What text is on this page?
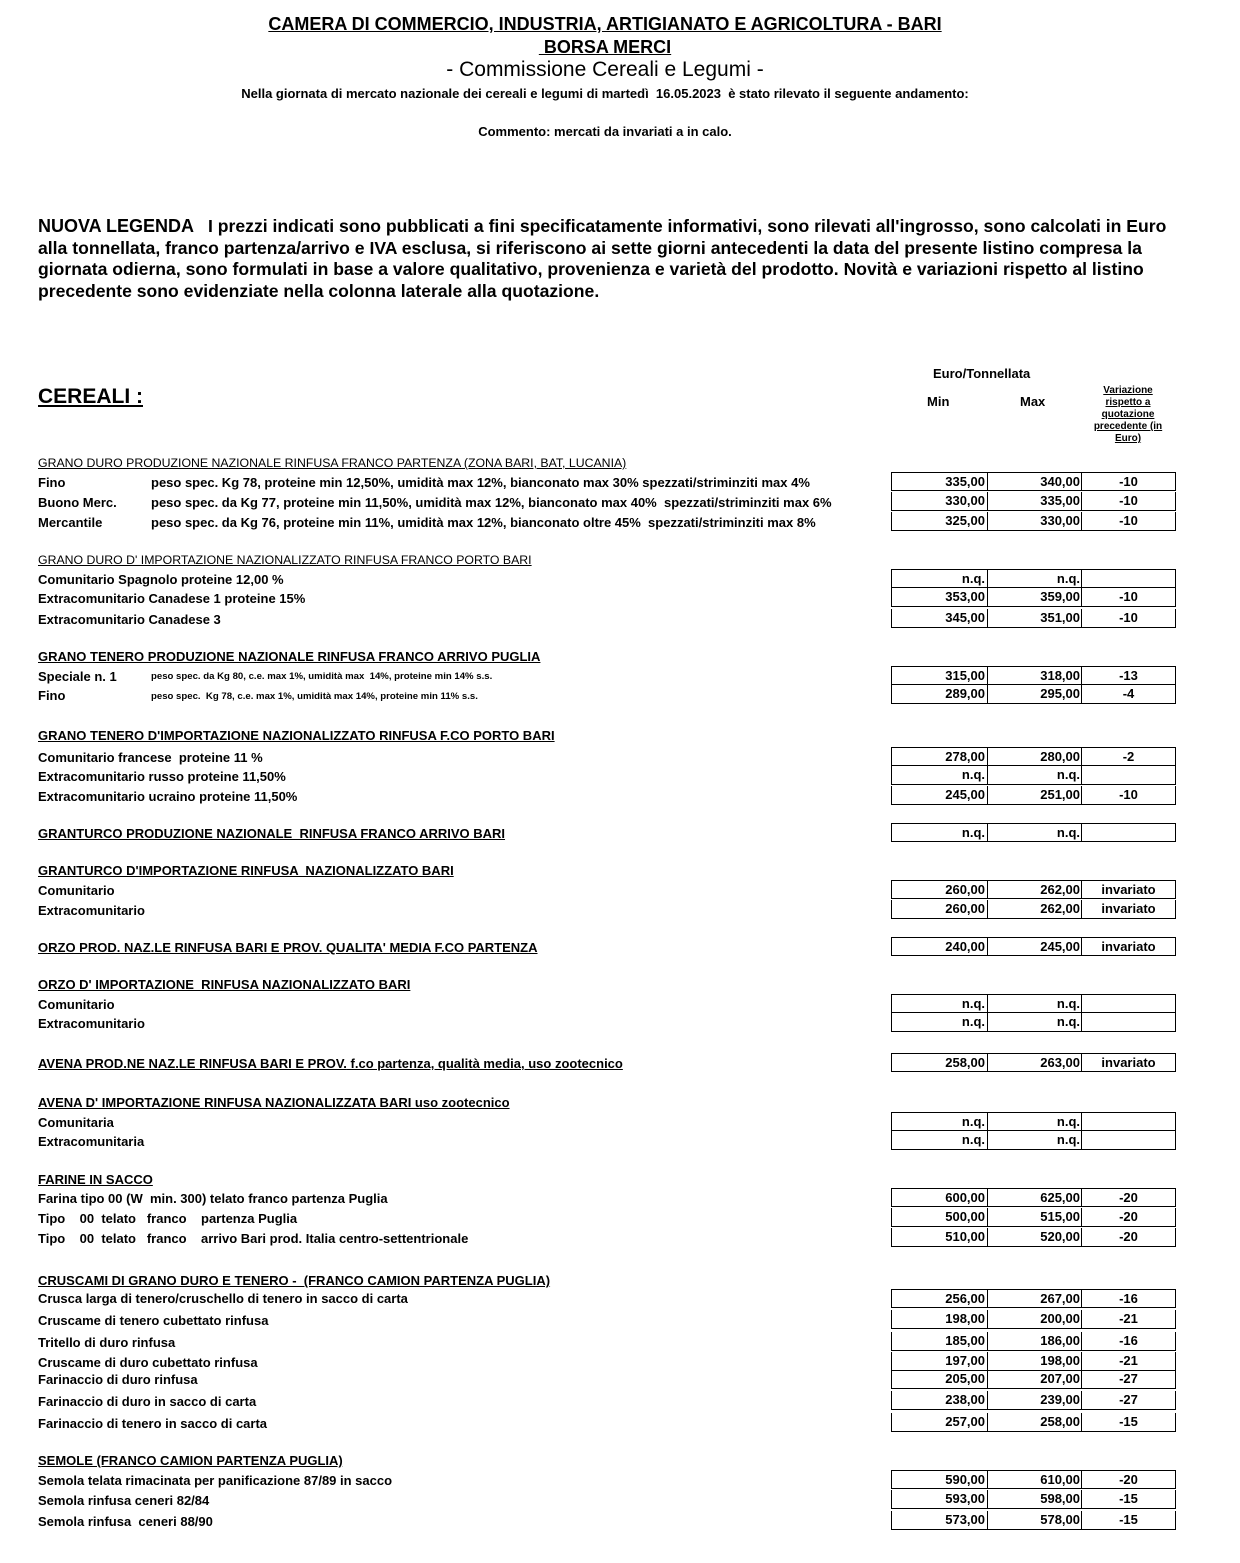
CAMERA DI COMMERCIO, INDUSTRIA, ARTIGIANATO E AGRICOLTURA - BARI
BORSA MERCI
- Commissione Cereali e Legumi -
Nella giornata di mercato nazionale dei cereali e legumi di martedì  16.05.2023  è stato rilevato il seguente andamento:
Commento: mercati da invariati a in calo.
NUOVA LEGENDA I prezzi indicati sono pubblicati a fini specificatamente informativi, sono rilevati all'ingrosso, sono calcolati in Euro alla tonnellata, franco partenza/arrivo e IVA esclusa, si riferiscono ai sette giorni antecedenti la data del presente listino compresa la giornata odierna, sono formulati in base a valore qualitativo, provenienza e varietà del prodotto. Novità e variazioni rispetto al listino precedente sono evidenziate nella colonna laterale alla quotazione.
CEREALI :
Euro/Tonnellata
Min	Max
Variazione rispetto a quotazione precedente (in Euro)
GRANO DURO PRODUZIONE NAZIONALE RINFUSA FRANCO PARTENZA (ZONA BARI, BAT, LUCANIA)
Fino	peso spec. Kg 78, proteine min 12,50%, umidità max 12%, bianconato max 30% spezzati/striminziti max 4%	335,00	340,00	-10
Buono Merc.	peso spec. da Kg 77, proteine min 11,50%, umidità max 12%, bianconato max 40%  spezzati/striminziti max 6%	330,00	335,00	-10
Mercantile	peso spec. da Kg 76, proteine min 11%, umidità max 12%, bianconato oltre 45%  spezzati/striminziti max 8%	325,00	330,00	-10
GRANO DURO D' IMPORTAZIONE NAZIONALIZZATO RINFUSA FRANCO PORTO BARI
Comunitario Spagnolo proteine 12,00 %	n.q.	n.q.
Extracomunitario Canadese 1 proteine 15%	353,00	359,00	-10
Extracomunitario Canadese 3	345,00	351,00	-10
GRANO TENERO PRODUZIONE NAZIONALE RINFUSA FRANCO ARRIVO PUGLIA
Speciale n. 1	peso spec. da Kg 80, c.e. max 1%, umidità max  14%, proteine min 14% s.s.	315,00	318,00	-13
Fino	peso spec.  Kg 78, c.e. max 1%, umidità max 14%, proteine min 11% s.s.	289,00	295,00	-4
GRANO TENERO D'IMPORTAZIONE NAZIONALIZZATO RINFUSA F.CO PORTO BARI
Comunitario francese  proteine 11 %	278,00	280,00	-2
Extracomunitario russo proteine 11,50%	n.q.	n.q.
Extracomunitario ucraino proteine 11,50%	245,00	251,00	-10
GRANTURCO PRODUZIONE NAZIONALE  RINFUSA FRANCO ARRIVO BARI	n.q.	n.q.
GRANTURCO D'IMPORTAZIONE RINFUSA  NAZIONALIZZATO BARI
Comunitario	260,00	262,00	invariato
Extracomunitario	260,00	262,00	invariato
ORZO PROD. NAZ.LE RINFUSA BARI E PROV. QUALITA' MEDIA F.CO PARTENZA	240,00	245,00	invariato
ORZO D' IMPORTAZIONE  RINFUSA NAZIONALIZZATO BARI
Comunitario	n.q.	n.q.
Extracomunitario	n.q.	n.q.
AVENA PROD.NE NAZ.LE RINFUSA BARI E PROV. f.co partenza, qualità media, uso zootecnico	258,00	263,00	invariato
AVENA D' IMPORTAZIONE RINFUSA NAZIONALIZZATA BARI uso zootecnico
Comunitaria	n.q.	n.q.
Extracomunitaria	n.q.	n.q.
FARINE IN SACCO
Farina tipo 00 (W  min. 300) telato franco partenza Puglia	600,00	625,00	-20
Tipo    00  telato   franco    partenza Puglia	500,00	515,00	-20
Tipo    00  telato   franco    arrivo Bari prod. Italia centro-settentrionale	510,00	520,00	-20
CRUSCAMI DI GRANO DURO E TENERO -  (FRANCO CAMION PARTENZA PUGLIA)
Crusca larga di tenero/cruschello di tenero in sacco di carta	256,00	267,00	-16
Cruscame di tenero cubettato rinfusa	198,00	200,00	-21
Tritello di duro rinfusa	185,00	186,00	-16
Cruscame di duro cubettato rinfusa	197,00	198,00	-21
Farinaccio di duro rinfusa	205,00	207,00	-27
Farinaccio di duro in sacco di carta	238,00	239,00	-27
Farinaccio di tenero in sacco di carta	257,00	258,00	-15
SEMOLE (FRANCO CAMION PARTENZA PUGLIA)
Semola telata rimacinata per panificazione 87/89 in sacco	590,00	610,00	-20
Semola rinfusa ceneri 82/84	593,00	598,00	-15
Semola rinfusa  ceneri 88/90	573,00	578,00	-15
